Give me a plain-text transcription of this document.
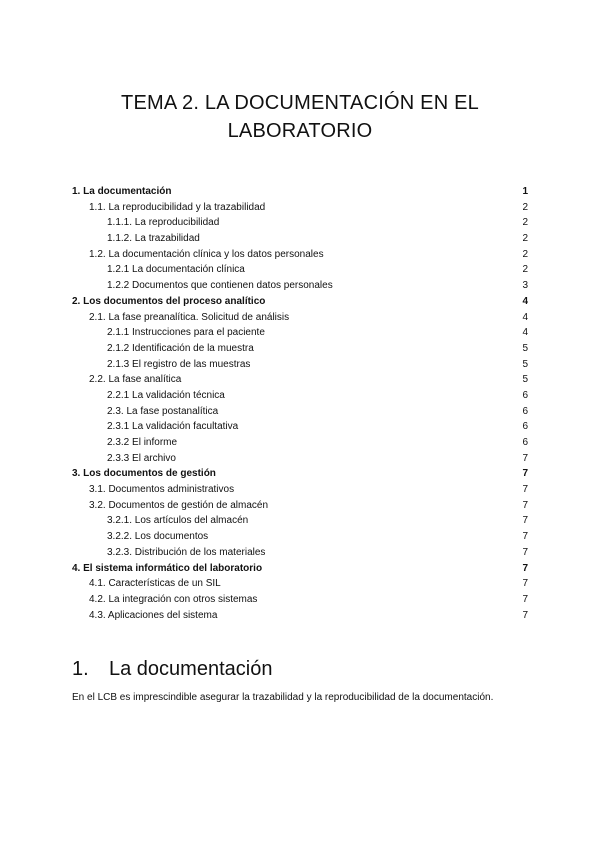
TEMA 2. LA DOCUMENTACIÓN EN EL
LABORATORIO
1. La documentación	1
1.1. La reproducibilidad y la trazabilidad	2
1.1.1. La reproducibilidad	2
1.1.2. La trazabilidad	2
1.2. La documentación clínica y los datos personales	2
1.2.1 La documentación clínica	2
1.2.2 Documentos que contienen datos personales	3
2. Los documentos del proceso analítico	4
2.1. La fase preanalítica. Solicitud de análisis	4
2.1.1 Instrucciones para el paciente	4
2.1.2 Identificación de la muestra	5
2.1.3 El registro de las muestras	5
2.2. La fase analítica	5
2.2.1 La validación técnica	6
2.3. La fase postanalítica	6
2.3.1 La validación facultativa	6
2.3.2 El informe	6
2.3.3 El archivo	7
3. Los documentos de gestión	7
3.1. Documentos administrativos	7
3.2. Documentos de gestión de almacén	7
3.2.1. Los artículos del almacén	7
3.2.2. Los documentos	7
3.2.3. Distribución de los materiales	7
4. El sistema informático del laboratorio	7
4.1. Características de un SIL	7
4.2. La integración con otros sistemas	7
4.3. Aplicaciones del sistema	7
1. La documentación
En el LCB es imprescindible asegurar la trazabilidad y la reproducibilidad de la documentación.
